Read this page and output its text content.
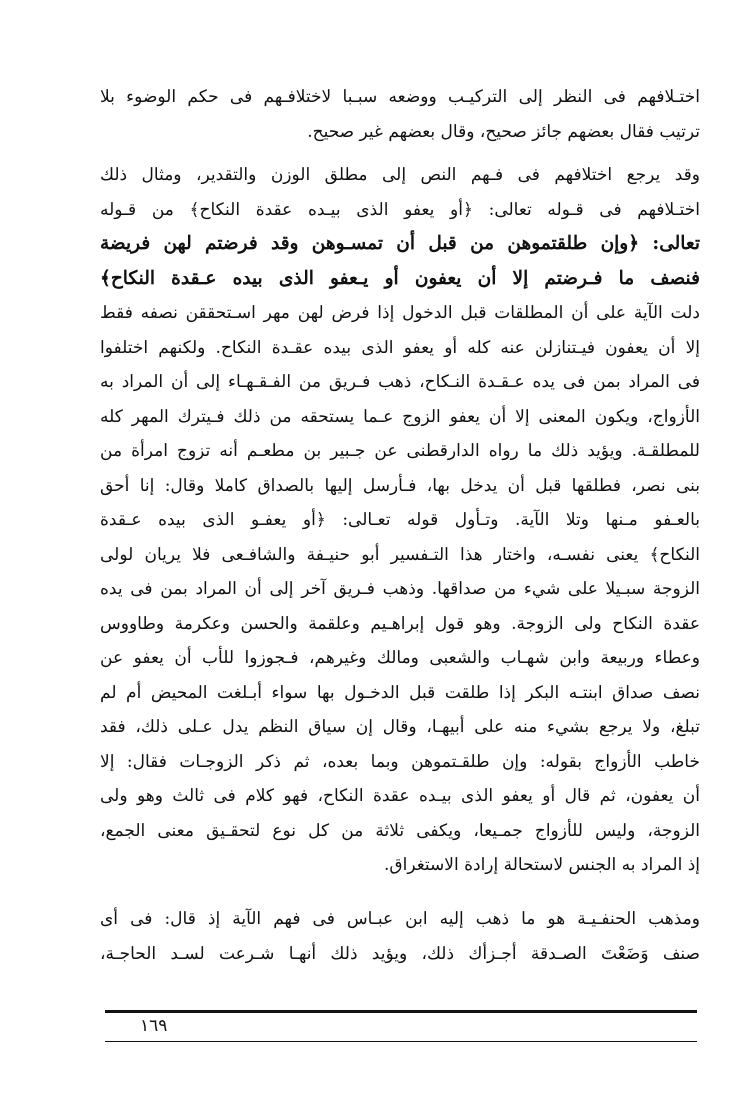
اختـلافهم فى النظر إلى التركيـب ووضعه سبـبا لاختلافـهم فى حكم الوضوء بلا
ترتيب فقال بعضهم جائز صحيح، وقال بعضهم غير صحيح.
وقد يرجع اختلافهم فى فـهم النص إلى مطلق الوزن والتقدير، ومثال ذلك
اختـلافهم فى قـوله تعالى: ﴿أو يعفو الذى بيـده عقدة النكاح﴾ من قـوله
تعالى: ﴿وإن طلقتموهن من قبل أن تمسـوهن وقد فرضتم لهن فريضة
فنصف ما فـرضتم إلا أن يعفون أو يـعفو الذى بيده عـقدة النكاح﴾
دلت الآية على أن المطلقات قبل الدخول إذا فرض لهن مهر اسـتحققن نصفه فقط
إلا أن يعفون فيـتنازلن عنه كله أو يعفو الذى بيده عقـدة النكاح. ولكنهم اختلفوا
فى المراد بمن فى يده عـقـدة النـكاح، ذهب فـريق من الفـقـهـاء إلى أن المراد به
الأزواج، ويكون المعنى إلا أن يعفو الزوج عـما يستحقه من ذلك فـيترك المهر كله
للمطلقـة. ويؤيد ذلك ما رواه الدارقطنى عن جـبير بن مطعـم أنه تزوج امرأة من
بنى نصر، فطلقها قبل أن يدخل بها، فـأرسل إليها بالصداق كاملا وقال: إنا أحق
بالعـفو مـنها وتلا الآية. وتـأول قوله تعـالى: ﴿أو يعفـو الذى بيده عـقدة
النكاح﴾ يعنى نفسـه، واختار هذا التـفسير أبو حنيـفة والشافـعى فلا يريان لولى
الزوجة سبـيلا على شيء من صداقها. وذهب فـريق آخر إلى أن المراد بمن فى يده
عقدة النكاح ولى الزوجة. وهو قول إبراهـيم وعلقمة والحسن وعكرمة وطاووس
وعطاء وربيعة وابن شهـاب والشعبى ومالك وغيرهم، فـجوزوا للأب أن يعفو عن
نصف صداق ابنتـه البكر إذا طلقت قبل الدخـول بها سواء أبـلغت المحيض أم لم
تبلغ، ولا يرجع بشيء منه على أبيهـا، وقال إن سياق النظم يدل عـلى ذلك، فقد
خاطب الأزواج بقوله: وإن طلقـتموهن وبما بعده، ثم ذكر الزوجـات فقال: إلا
أن يعفون، ثم قال أو يعفو الذى بيـده عقدة النكاح، فهو كلام فى ثالث وهو ولى
الزوجة، وليس للأزواج جمـيعا، ويكفى ثلاثة من كل نوع لتحقـيق معنى الجمع،
إذ المراد به الجنس لاستحالة إرادة الاستغراق.
ومذهب الحنفـيـة هو ما ذهب إليه ابن عبـاس فى فهم الآية إذ قال: فى أى
صنف وَضَعْتَ الصـدقة أجـزأك ذلك، ويؤيد ذلك أنهـا شـرعت لسـد الحاجـة،
١٦٩
